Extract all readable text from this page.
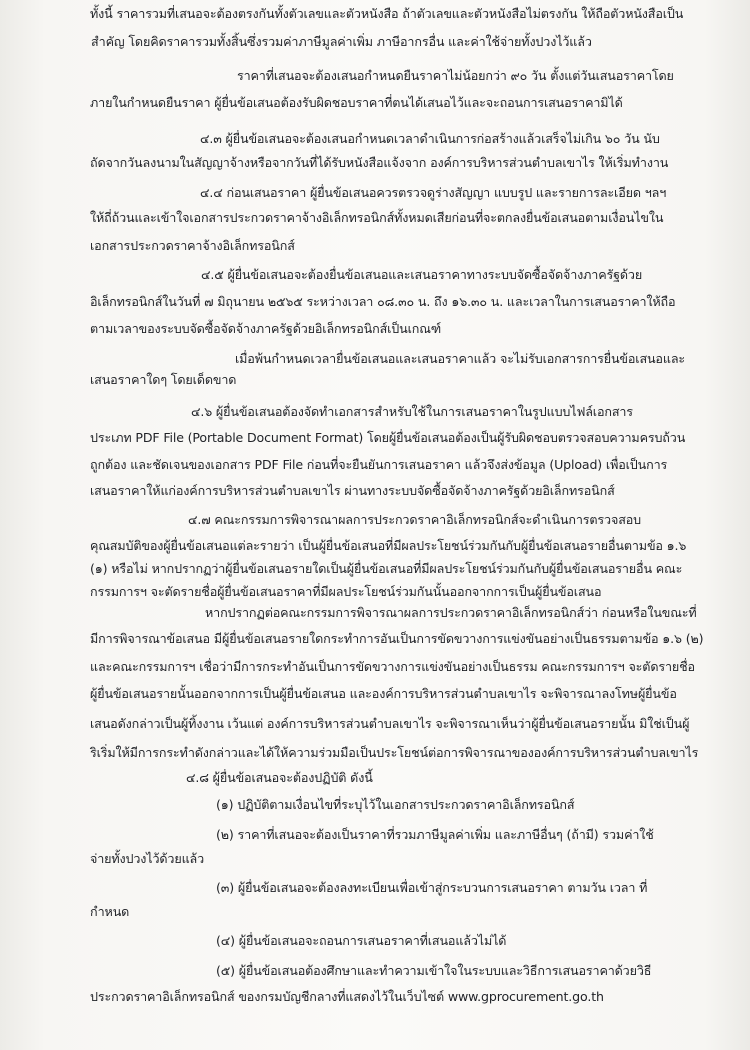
ทั้งนี้ ราคารวมที่เสนอจะต้องตรงกันทั้งตัวเลขและตัวหนังสือ ถ้าตัวเลขและตัวหนังสือไม่ตรงกัน ให้ถือตัวหนังสือเป็น
สำคัญ โดยคิดราคารวมทั้งสิ้นซึ่งรวมค่าภาษีมูลค่าเพิ่ม ภาษีอากรอื่น และค่าใช้จ่ายทั้งปวงไว้แล้ว
ราคาที่เสนอจะต้องเสนอกำหนดยืนราคาไม่น้อยกว่า ๙๐ วัน ตั้งแต่วันเสนอราคาโดย
ภายในกำหนดยืนราคา ผู้ยื่นข้อเสนอต้องรับผิดชอบราคาที่ตนได้เสนอไว้และจะถอนการเสนอราคามิได้
๔.๓ ผู้ยื่นข้อเสนอจะต้องเสนอกำหนดเวลาดำเนินการก่อสร้างแล้วเสร็จไม่เกิน ๖๐ วัน นับ
ถัดจากวันลงนามในสัญญาจ้างหรือจากวันที่ได้รับหนังสือแจ้งจาก องค์การบริหารส่วนตำบลเขาไร ให้เริ่มทำงาน
๔.๔ ก่อนเสนอราคา ผู้ยื่นข้อเสนอควรตรวจดูร่างสัญญา แบบรูป และรายการละเอียด ฯลฯ
ให้ถี่ถ้วนและเข้าใจเอกสารประกวดราคาจ้างอิเล็กทรอนิกส์ทั้งหมดเสียก่อนที่จะตกลงยื่นข้อเสนอตามเงื่อนไขใน
เอกสารประกวดราคาจ้างอิเล็กทรอนิกส์
๔.๕ ผู้ยื่นข้อเสนอจะต้องยื่นข้อเสนอและเสนอราคาทางระบบจัดซื้อจัดจ้างภาครัฐด้วย
อิเล็กทรอนิกส์ในวันที่ ๗ มิถุนายน ๒๕๖๕ ระหว่างเวลา ๐๘.๓๐ น. ถึง ๑๖.๓๐ น. และเวลาในการเสนอราคาให้ถือ
ตามเวลาของระบบจัดซื้อจัดจ้างภาครัฐด้วยอิเล็กทรอนิกส์เป็นเกณฑ์
เมื่อพ้นกำหนดเวลายื่นข้อเสนอและเสนอราคาแล้ว จะไม่รับเอกสารการยื่นข้อเสนอและ
เสนอราคาใดๆ โดยเด็ดขาด
๔.๖ ผู้ยื่นข้อเสนอต้องจัดทำเอกสารสำหรับใช้ในการเสนอราคาในรูปแบบไฟล์เอกสาร
ประเภท PDF File (Portable Document Format) โดยผู้ยื่นข้อเสนอต้องเป็นผู้รับผิดชอบตรวจสอบความครบถ้วน
ถูกต้อง และชัดเจนของเอกสาร PDF File ก่อนที่จะยืนยันการเสนอราคา แล้วจึงส่งข้อมูล (Upload) เพื่อเป็นการ
เสนอราคาให้แก่องค์การบริหารส่วนตำบลเขาไร ผ่านทางระบบจัดซื้อจัดจ้างภาครัฐด้วยอิเล็กทรอนิกส์
๔.๗ คณะกรรมการพิจารณาผลการประกวดราคาอิเล็กทรอนิกส์จะดำเนินการตรวจสอบ
คุณสมบัติของผู้ยื่นข้อเสนอแต่ละรายว่า เป็นผู้ยื่นข้อเสนอที่มีผลประโยชน์ร่วมกันกับผู้ยื่นข้อเสนอรายอื่นตามข้อ ๑.๖
(๑) หรือไม่ หากปรากฏว่าผู้ยื่นข้อเสนอรายใดเป็นผู้ยื่นข้อเสนอที่มีผลประโยชน์ร่วมกันกับผู้ยื่นข้อเสนอรายอื่น คณะ
กรรมการฯ จะตัดรายชื่อผู้ยื่นข้อเสนอราคาที่มีผลประโยชน์ร่วมกันนั้นออกจากการเป็นผู้ยื่นข้อเสนอ
หากปรากฏต่อคณะกรรมการพิจารณาผลการประกวดราคาอิเล็กทรอนิกส์ว่า ก่อนหรือในขณะที่
มีการพิจารณาข้อเสนอ มีผู้ยื่นข้อเสนอรายใดกระทำการอันเป็นการขัดขวางการแข่งขันอย่างเป็นธรรมตามข้อ ๑.๖ (๒)
และคณะกรรมการฯ เชื่อว่ามีการกระทำอันเป็นการขัดขวางการแข่งขันอย่างเป็นธรรม คณะกรรมการฯ จะตัดรายชื่อ
ผู้ยื่นข้อเสนอรายนั้นออกจากการเป็นผู้ยื่นข้อเสนอ และองค์การบริหารส่วนตำบลเขาไร จะพิจารณาลงโทษผู้ยื่นข้อ
เสนอดังกล่าวเป็นผู้ทิ้งงาน เว้นแต่ องค์การบริหารส่วนตำบลเขาไร จะพิจารณาเห็นว่าผู้ยื่นข้อเสนอรายนั้น มิใช่เป็นผู้
ริเริ่มให้มีการกระทำดังกล่าวและได้ให้ความร่วมมือเป็นประโยชน์ต่อการพิจารณาขององค์การบริหารส่วนตำบลเขาไร
๔.๘ ผู้ยื่นข้อเสนอจะต้องปฏิบัติ ดังนี้
(๑) ปฏิบัติตามเงื่อนไขที่ระบุไว้ในเอกสารประกวดราคาอิเล็กทรอนิกส์
(๒) ราคาที่เสนอจะต้องเป็นราคาที่รวมภาษีมูลค่าเพิ่ม และภาษีอื่นๆ (ถ้ามี) รวมค่าใช้
จ่ายทั้งปวงไว้ด้วยแล้ว
(๓) ผู้ยื่นข้อเสนอจะต้องลงทะเบียนเพื่อเข้าสู่กระบวนการเสนอราคา ตามวัน เวลา ที่
กำหนด
(๔) ผู้ยื่นข้อเสนอจะถอนการเสนอราคาที่เสนอแล้วไม่ได้
(๕) ผู้ยื่นข้อเสนอต้องศึกษาและทำความเข้าใจในระบบและวิธีการเสนอราคาด้วยวิธี
ประกวดราคาอิเล็กทรอนิกส์ ของกรมบัญชีกลางที่แสดงไว้ในเว็บไซต์ www.gprocurement.go.th
